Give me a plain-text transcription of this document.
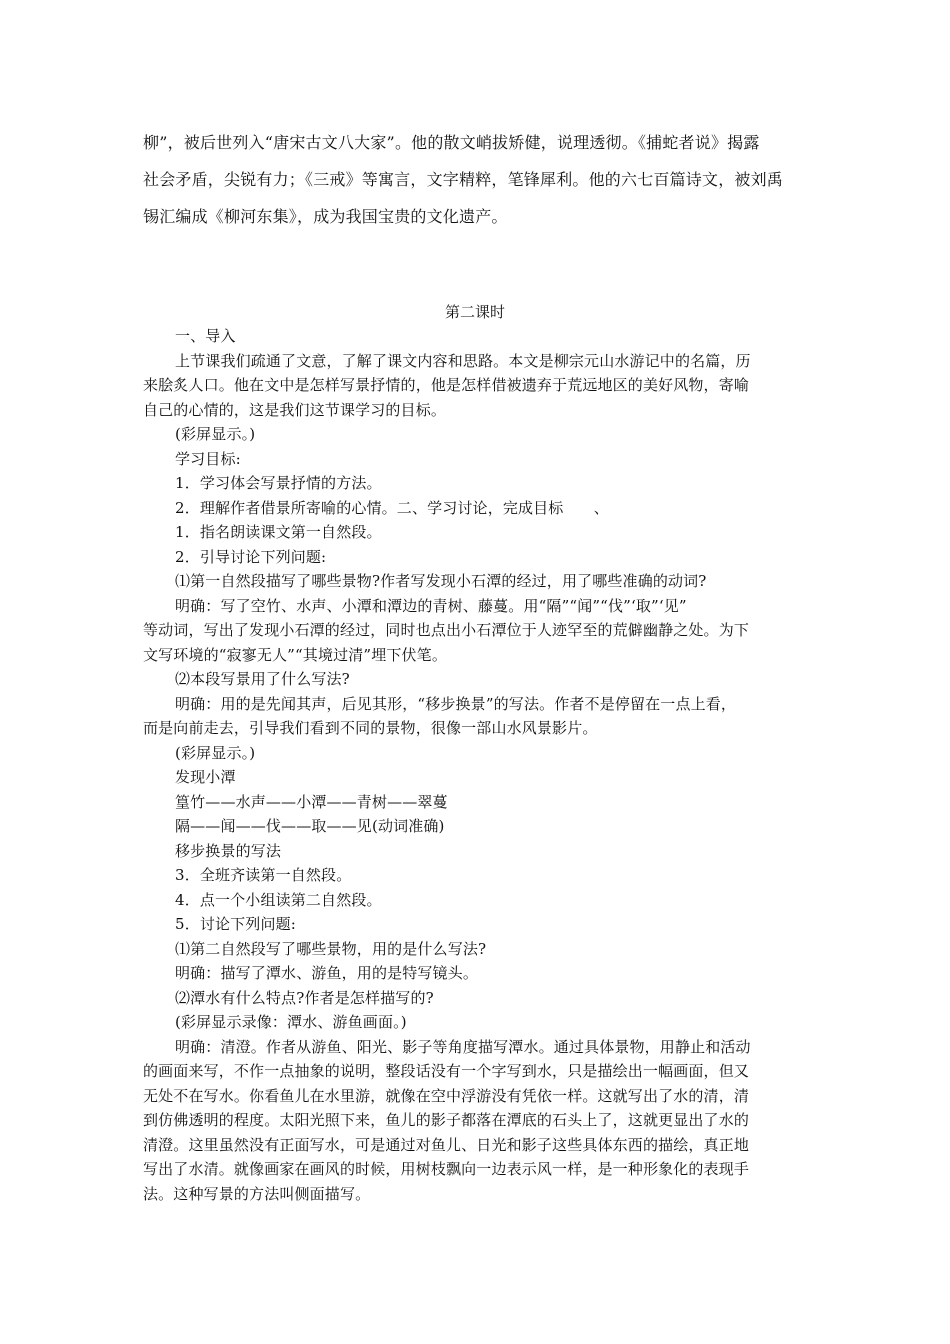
柳”，被后世列入“唐宋古文八大家”。他的散文峭拔矫健，说理透彻。《捕蛇者说》揭露
社会矛盾，尖锐有力；《三戒》等寓言，文字精粹，笔锋犀利。他的六七百篇诗文，被刘禹
锡汇编成《柳河东集》，成为我国宝贵的文化遗产。
第二课时
一、导入
上节课我们疏通了文意，了解了课文内容和思路。本文是柳宗元山水游记中的名篇，历
来脍炙人口。他在文中是怎样写景抒情的，他是怎样借被遗弃于荒远地区的美好风物，寄喻
自己的心情的，这是我们这节课学习的目标。
(彩屏显示。)
学习目标:
1．学习体会写景抒情的方法。
2．理解作者借景所寄喻的心情。二、学习讨论，完成目标　　、
1．指名朗读课文第一自然段。
2．引导讨论下列问题:
⑴第一自然段描写了哪些景物?作者写发现小石潭的经过，用了哪些准确的动词?
明确：写了空竹、水声、小潭和潭边的青树、藤蔓。用“隔”“闻”“伐”‘取”‘见”
等动词，写出了发现小石潭的经过，同时也点出小石潭位于人迹罕至的荒僻幽静之处。为下
文写环境的“寂寥无人”“其境过清”埋下伏笔。
⑵本段写景用了什么写法?
明确：用的是先闻其声，后见其形，“移步换景”的写法。作者不是停留在一点上看，
而是向前走去，引导我们看到不同的景物，很像一部山水风景影片。
(彩屏显示。)
发现小潭
篁竹——水声——小潭——青树——翠蔓
隔——闻——伐——取——见(动词准确)
移步换景的写法
3．全班齐读第一自然段。
4．点一个小组读第二自然段。
5．讨论下列问题:
⑴第二自然段写了哪些景物，用的是什么写法?
明确：描写了潭水、游鱼，用的是特写镜头。
⑵潭水有什么特点?作者是怎样描写的?
(彩屏显示录像：潭水、游鱼画面。)
明确：清澄。作者从游鱼、阳光、影子等角度描写潭水。通过具体景物，用静止和活动
的画面来写，不作一点抽象的说明，整段话没有一个字写到水，只是描绘出一幅画面，但又
无处不在写水。你看鱼儿在水里游，就像在空中浮游没有凭依一样。这就写出了水的清，清
到仿佛透明的程度。太阳光照下来，鱼儿的影子都落在潭底的石头上了，这就更显出了水的
清澄。这里虽然没有正面写水，可是通过对鱼儿、日光和影子这些具体东西的描绘，真正地
写出了水清。就像画家在画风的时候，用树枝飘向一边表示风一样，是一种形象化的表现手
法。这种写景的方法叫侧面描写。
